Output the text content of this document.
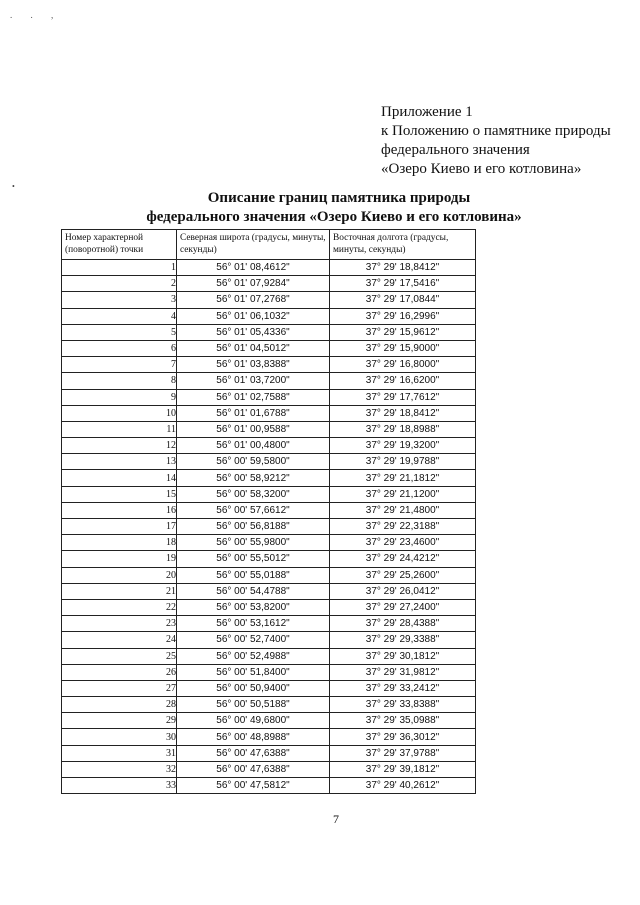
. . ,
•
Приложение 1
к Положению о памятнике природы
федерального значения
«Озеро Киево и его котловина»
Описание границ памятника природы
федерального значения «Озеро Киево и его котловина»
Номер характерной (поворотной) точки	Северная широта (градусы, минуты, секунды)	Восточная долгота (градусы, минуты, секунды)
1	56° 01' 08,4612"	37° 29' 18,8412"
2	56° 01' 07,9284"	37° 29' 17,5416"
3	56° 01' 07,2768"	37° 29' 17,0844"
4	56° 01' 06,1032"	37° 29' 16,2996"
5	56° 01' 05,4336"	37° 29' 15,9612"
6	56° 01' 04,5012"	37° 29' 15,9000"
7	56° 01' 03,8388"	37° 29' 16,8000"
8	56° 01' 03,7200"	37° 29' 16,6200"
9	56° 01' 02,7588"	37° 29' 17,7612"
10	56° 01' 01,6788"	37° 29' 18,8412"
11	56° 01' 00,9588"	37° 29' 18,8988"
12	56° 01' 00,4800"	37° 29' 19,3200"
13	56° 00' 59,5800"	37° 29' 19,9788"
14	56° 00' 58,9212"	37° 29' 21,1812"
15	56° 00' 58,3200"	37° 29' 21,1200"
16	56° 00' 57,6612"	37° 29' 21,4800"
17	56° 00' 56,8188"	37° 29' 22,3188"
18	56° 00' 55,9800"	37° 29' 23,4600"
19	56° 00' 55,5012"	37° 29' 24,4212"
20	56° 00' 55,0188"	37° 29' 25,2600"
21	56° 00' 54,4788"	37° 29' 26,0412"
22	56° 00' 53,8200"	37° 29' 27,2400"
23	56° 00' 53,1612"	37° 29' 28,4388"
24	56° 00' 52,7400"	37° 29' 29,3388"
25	56° 00' 52,4988"	37° 29' 30,1812"
26	56° 00' 51,8400"	37° 29' 31,9812"
27	56° 00' 50,9400"	37° 29' 33,2412"
28	56° 00' 50,5188"	37° 29' 33,8388"
29	56° 00' 49,6800"	37° 29' 35,0988"
30	56° 00' 48,8988"	37° 29' 36,3012"
31	56° 00' 47,6388"	37° 29' 37,9788"
32	56° 00' 47,6388"	37° 29' 39,1812"
33	56° 00' 47,5812"	37° 29' 40,2612"
7
